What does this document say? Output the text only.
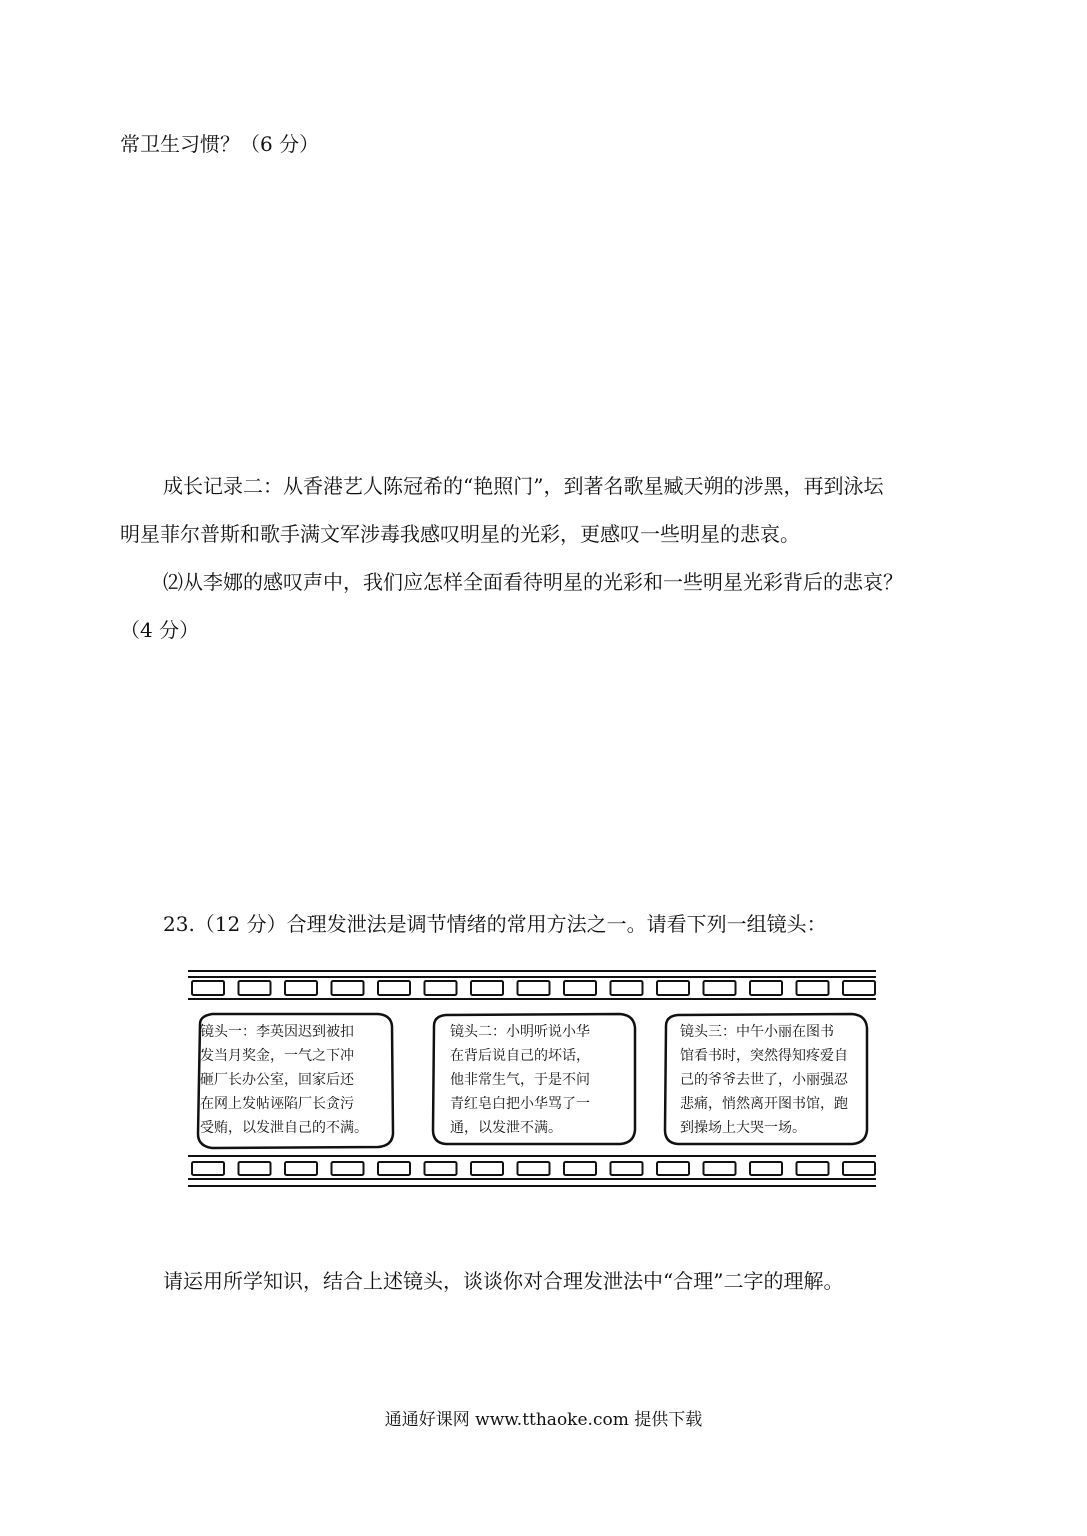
常卫生习惯？（6 分）
成长记录二：从香港艺人陈冠希的“艳照门”，到著名歌星臧天朔的涉黑，再到泳坛
明星菲尔普斯和歌手满文军涉毒我感叹明星的光彩，更感叹一些明星的悲哀。
⑵从李娜的感叹声中，我们应怎样全面看待明星的光彩和一些明星光彩背后的悲哀？
（4 分）
23.（12 分）合理发泄法是调节情绪的常用方法之一。请看下列一组镜头：
镜头一：李英因迟到被扣
发当月奖金，一气之下冲
砸厂长办公室，回家后还
在网上发帖诬陷厂长贪污
受贿，以发泄自己的不满。
镜头二：小明听说小华
在背后说自己的坏话，
他非常生气，于是不问
青红皂白把小华骂了一
通，以发泄不满。
镜头三：中午小丽在图书
馆看书时，突然得知疼爱自
己的爷爷去世了，小丽强忍
悲痛，悄然离开图书馆，跑
到操场上大哭一场。
请运用所学知识，结合上述镜头，谈谈你对合理发泄法中“合理”二字的理解。
通通好课网 www.tthaoke.com 提供下载
